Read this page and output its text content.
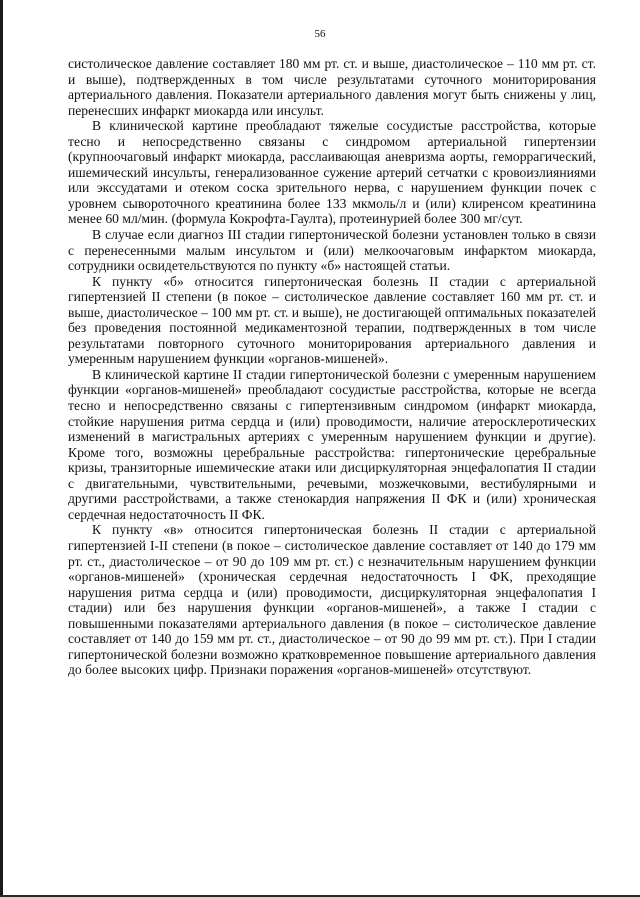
56

систолическое давление составляет 180 мм рт. ст. и выше, диастолическое – 110 мм рт. ст. и выше), подтвержденных в том числе результатами суточного мониторирования артериального давления. Показатели артериального давления могут быть снижены у лиц, перенесших инфаркт миокарда или инсульт.

В клинической картине преобладают тяжелые сосудистые расстройства, которые тесно и непосредственно связаны с синдромом артериальной гипертензии (крупноочаговый инфаркт миокарда, расслаивающая аневризма аорты, геморрагический, ишемический инсульты, генерализованное сужение артерий сетчатки с кровоизлияниями или экссудатами и отеком соска зрительного нерва, с нарушением функции почек с уровнем сывороточного креатинина более 133 мкмоль/л и (или) клиренсом креатинина менее 60 мл/мин. (формула Кокрофта-Гаулта), протеинурией более 300 мг/сут.

В случае если диагноз III стадии гипертонической болезни установлен только в связи с перенесенными малым инсультом и (или) мелкоочаговым инфарктом миокарда, сотрудники освидетельствуются по пункту «б» настоящей статьи.

К пункту «б» относится гипертоническая болезнь II стадии с артериальной гипертензией II степени (в покое – систолическое давление составляет 160 мм рт. ст. и выше, диастолическое – 100 мм рт. ст. и выше), не достигающей оптимальных показателей без проведения постоянной медикаментозной терапии, подтвержденных в том числе результатами повторного суточного мониторирования артериального давления и умеренным нарушением функции «органов-мишеней».

В клинической картине II стадии гипертонической болезни с умеренным нарушением функции «органов-мишеней» преобладают сосудистые расстройства, которые не всегда тесно и непосредственно связаны с гипертензивным синдромом (инфаркт миокарда, стойкие нарушения ритма сердца и (или) проводимости, наличие атеросклеротических изменений в магистральных артериях с умеренным нарушением функции и другие). Кроме того, возможны церебральные расстройства: гипертонические церебральные кризы, транзиторные ишемические атаки или дисциркуляторная энцефалопатия II стадии с двигательными, чувствительными, речевыми, мозжечковыми, вестибулярными и другими расстройствами, а также стенокардия напряжения II ФК и (или) хроническая сердечная недостаточность II ФК.

К пункту «в» относится гипертоническая болезнь II стадии с артериальной гипертензией I-II степени (в покое – систолическое давление составляет от 140 до 179 мм рт. ст., диастолическое – от 90 до 109 мм рт. ст.) с незначительным нарушением функции «органов-мишеней» (хроническая сердечная недостаточность I ФК, преходящие нарушения ритма сердца и (или) проводимости, дисциркуляторная энцефалопатия I стадии) или без нарушения функции «органов-мишеней», а также I стадии с повышенными показателями артериального давления (в покое – систолическое давление составляет от 140 до 159 мм рт. ст., диастолическое – от 90 до 99 мм рт. ст.). При I стадии гипертонической болезни возможно кратковременное повышение артериального давления до более высоких цифр. Признаки поражения «органов-мишеней» отсутствуют.
